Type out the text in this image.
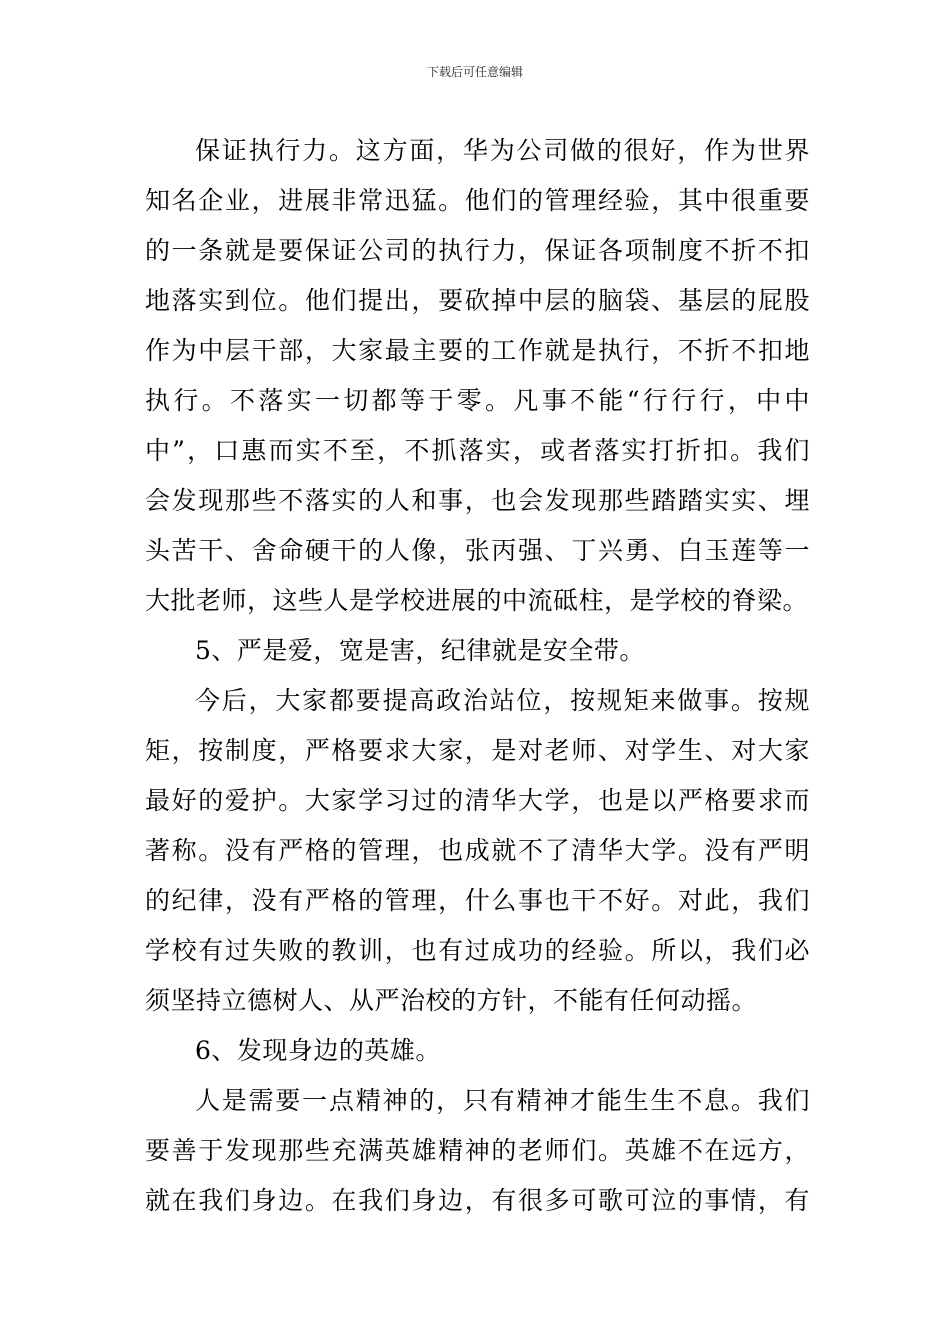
下载后可任意编辑
保证执行力。这方面，华为公司做的很好，作为世界
知名企业，进展非常迅猛。他们的管理经验，其中很重要
的一条就是要保证公司的执行力，保证各项制度不折不扣
地落实到位。他们提出，要砍掉中层的脑袋、基层的屁股
作为中层干部，大家最主要的工作就是执行，不折不扣地
执行。不落实一切都等于零。凡事不能“行行行，中中
中”，口惠而实不至，不抓落实，或者落实打折扣。我们
会发现那些不落实的人和事，也会发现那些踏踏实实、埋
头苦干、舍命硬干的人像，张丙强、丁兴勇、白玉莲等一
大批老师，这些人是学校进展的中流砥柱，是学校的脊梁。
5、严是爱，宽是害，纪律就是安全带。
今后，大家都要提高政治站位，按规矩来做事。按规
矩，按制度，严格要求大家，是对老师、对学生、对大家
最好的爱护。大家学习过的清华大学，也是以严格要求而
著称。没有严格的管理，也成就不了清华大学。没有严明
的纪律，没有严格的管理，什么事也干不好。对此，我们
学校有过失败的教训，也有过成功的经验。所以，我们必
须坚持立德树人、从严治校的方针，不能有任何动摇。
6、发现身边的英雄。
人是需要一点精神的，只有精神才能生生不息。我们
要善于发现那些充满英雄精神的老师们。英雄不在远方，
就在我们身边。在我们身边，有很多可歌可泣的事情，有
